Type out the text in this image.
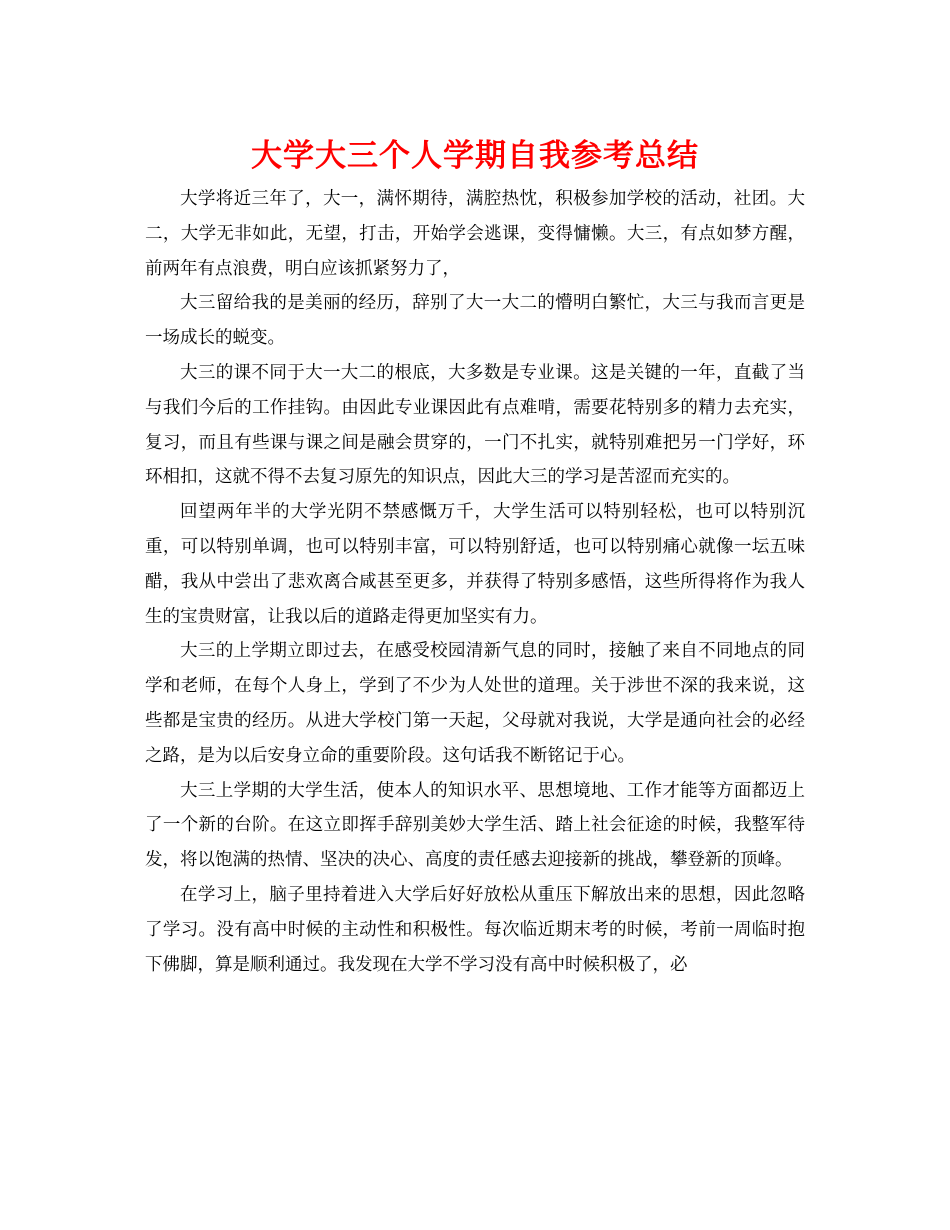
大学大三个人学期自我参考总结

大学将近三年了，大一，满怀期待，满腔热忱，积极参加学校的活动，社团。大二，大学无非如此，无望，打击，开始学会逃课，变得慵懒。大三，有点如梦方醒，前两年有点浪费，明白应该抓紧努力了，

大三留给我的是美丽的经历，辞别了大一大二的懵明白繁忙，大三与我而言更是一场成长的蜕变。

大三的课不同于大一大二的根底，大多数是专业课。这是关键的一年，直截了当与我们今后的工作挂钩。由因此专业课因此有点难啃，需要花特别多的精力去充实，复习，而且有些课与课之间是融会贯穿的，一门不扎实，就特别难把另一门学好，环环相扣，这就不得不去复习原先的知识点，因此大三的学习是苦涩而充实的。

回望两年半的大学光阴不禁感慨万千，大学生活可以特别轻松，也可以特别沉重，可以特别单调，也可以特别丰富，可以特别舒适，也可以特别痛心就像一坛五味醋，我从中尝出了悲欢离合咸甚至更多，并获得了特别多感悟，这些所得将作为我人生的宝贵财富，让我以后的道路走得更加坚实有力。

大三的上学期立即过去，在感受校园清新气息的同时，接触了来自不同地点的同学和老师，在每个人身上，学到了不少为人处世的道理。关于涉世不深的我来说，这些都是宝贵的经历。从进大学校门第一天起，父母就对我说，大学是通向社会的必经之路，是为以后安身立命的重要阶段。这句话我不断铭记于心。

大三上学期的大学生活，使本人的知识水平、思想境地、工作才能等方面都迈上了一个新的台阶。在这立即挥手辞别美妙大学生活、踏上社会征途的时候，我整军待发，将以饱满的热情、坚决的决心、高度的责任感去迎接新的挑战，攀登新的顶峰。

在学习上，脑子里持着进入大学后好好放松从重压下解放出来的思想，因此忽略了学习。没有高中时候的主动性和积极性。每次临近期末考的时候，考前一周临时抱下佛脚，算是顺利通过。我发现在大学不学习没有高中时候积极了，必
